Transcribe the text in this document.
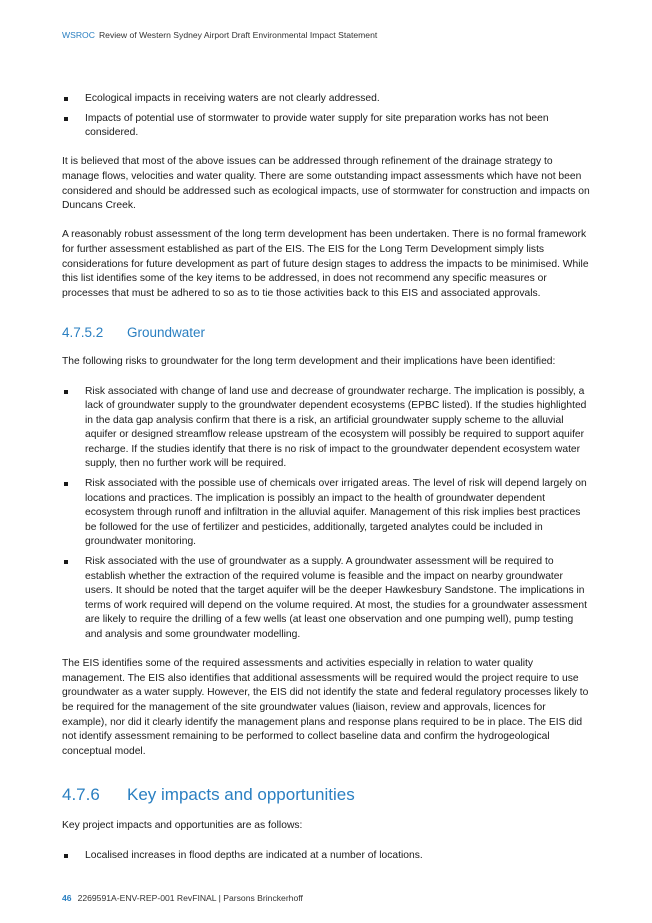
WSROC Review of Western Sydney Airport Draft Environmental Impact Statement
Ecological impacts in receiving waters are not clearly addressed.
Impacts of potential use of stormwater to provide water supply for site preparation works has not been considered.

It is believed that most of the above issues can be addressed through refinement of the drainage strategy to manage flows, velocities and water quality. There are some outstanding impact assessments which have not been considered and should be addressed such as ecological impacts, use of stormwater for construction and impacts on Duncans Creek.

A reasonably robust assessment of the long term development has been undertaken. There is no formal framework for further assessment established as part of the EIS. The EIS for the Long Term Development simply lists considerations for future development as part of future design stages to address the impacts to be minimised. While this list identifies some of the key items to be addressed, in does not recommend any specific measures or processes that must be adhered to so as to tie those activities back to this EIS and associated approvals.

4.7.5.2 Groundwater

The following risks to groundwater for the long term development and their implications have been identified:

Risk associated with change of land use and decrease of groundwater recharge. The implication is possibly, a lack of groundwater supply to the groundwater dependent ecosystems (EPBC listed). If the studies highlighted in the data gap analysis confirm that there is a risk, an artificial groundwater supply scheme to the alluvial aquifer or designed streamflow release upstream of the ecosystem will possibly be required to support aquifer recharge. If the studies identify that there is no risk of impact to the groundwater dependent ecosystem water supply, then no further work will be required.
Risk associated with the possible use of chemicals over irrigated areas. The level of risk will depend largely on locations and practices. The implication is possibly an impact to the health of groundwater dependent ecosystem through runoff and infiltration in the alluvial aquifer. Management of this risk implies best practices be followed for the use of fertilizer and pesticides, additionally, targeted analytes could be included in groundwater monitoring.
Risk associated with the use of groundwater as a supply. A groundwater assessment will be required to establish whether the extraction of the required volume is feasible and the impact on nearby groundwater users. It should be noted that the target aquifer will be the deeper Hawkesbury Sandstone. The implications in terms of work required will depend on the volume required. At most, the studies for a groundwater assessment are likely to require the drilling of a few wells (at least one observation and one pumping well), pump testing and analysis and some groundwater modelling.

The EIS identifies some of the required assessments and activities especially in relation to water quality management. The EIS also identifies that additional assessments will be required would the project require to use groundwater as a water supply. However, the EIS did not identify the state and federal regulatory processes likely to be required for the management of the site groundwater values (liaison, review and approvals, licences for example), nor did it clearly identify the management plans and response plans required to be in place. The EIS did not identify assessment remaining to be performed to collect baseline data and confirm the hydrogeological conceptual model.

4.7.6 Key impacts and opportunities

Key project impacts and opportunities are as follows:

Localised increases in flood depths are indicated at a number of locations.
46 2269591A-ENV-REP-001 RevFINAL | Parsons Brinckerhoff
